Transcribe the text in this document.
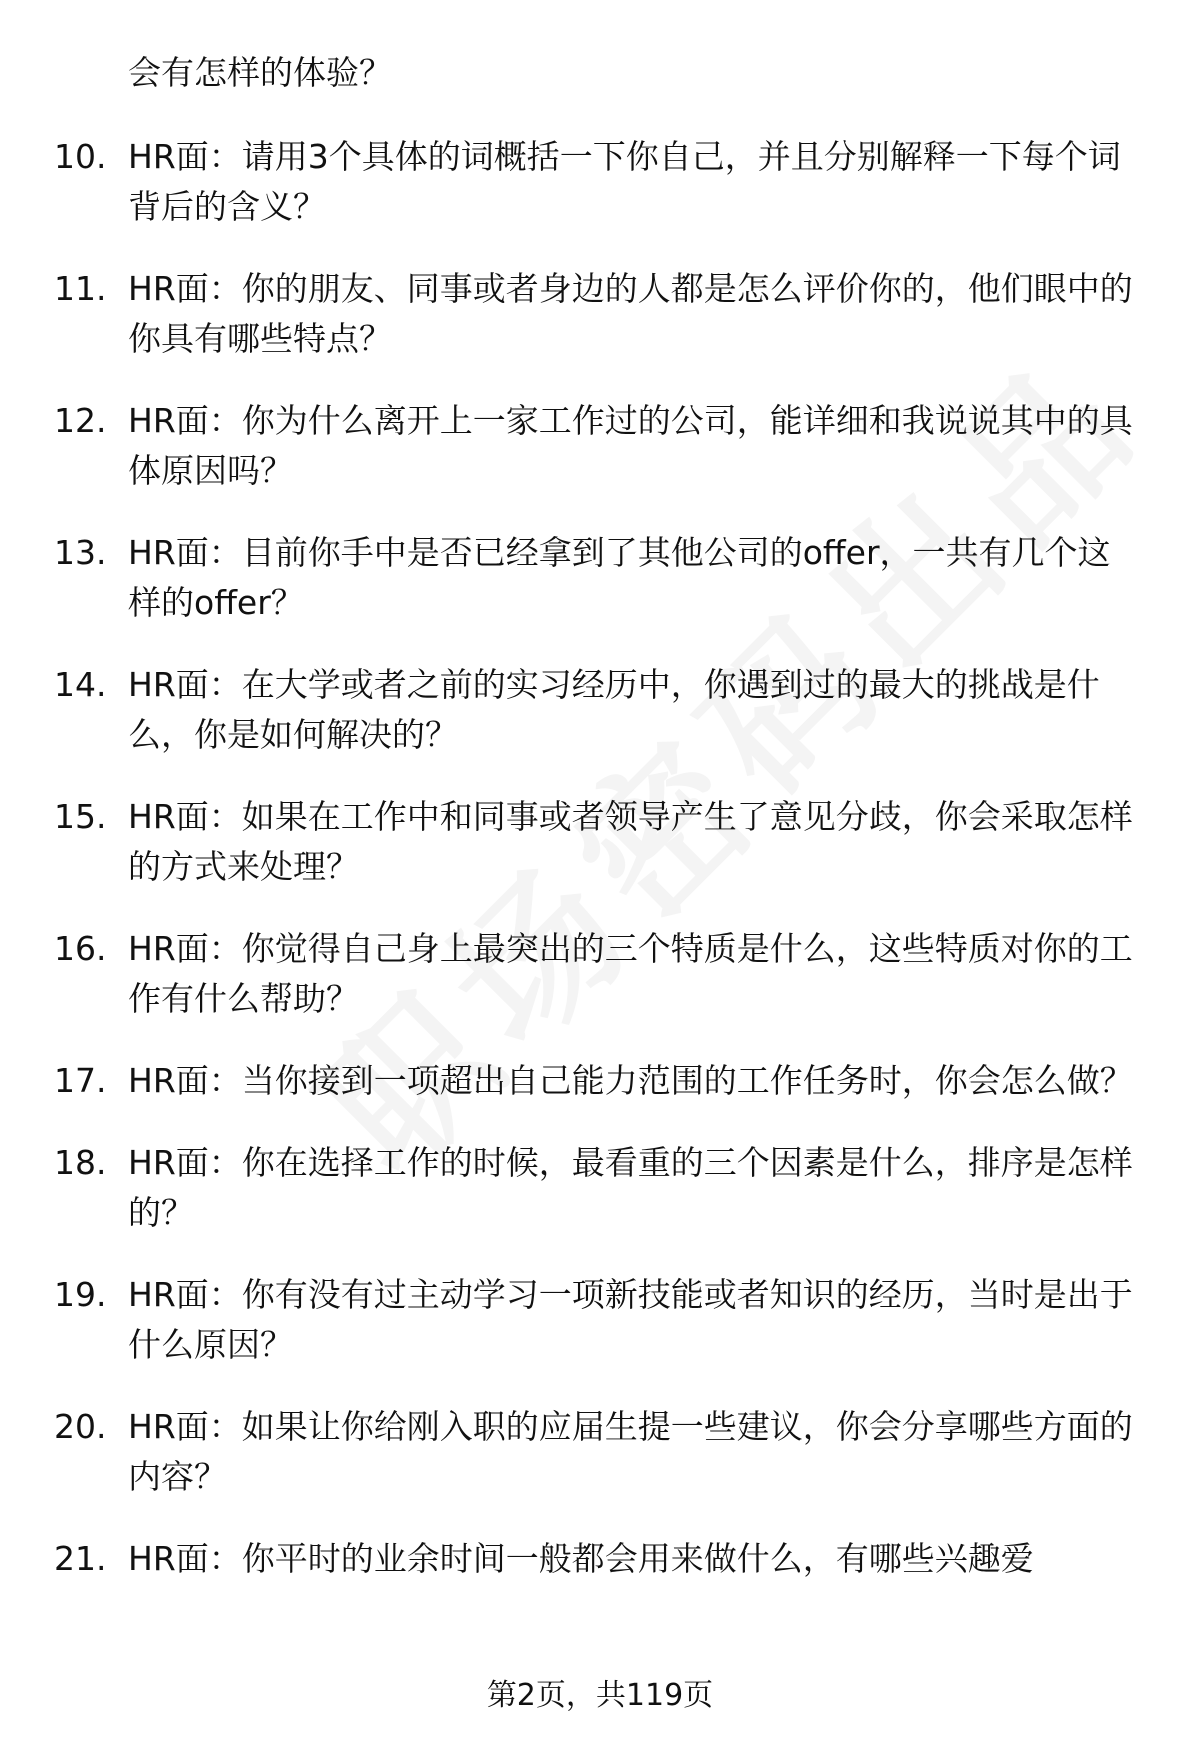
会有怎样的体验？
10. HR面：请用3个具体的词概括一下你自己，并且分别解释一下每个词背后的含义？
11. HR面：你的朋友、同事或者身边的人都是怎么评价你的，他们眼中的你具有哪些特点？
12. HR面：你为什么离开上一家工作过的公司，能详细和我说说其中的具体原因吗？
13. HR面：目前你手中是否已经拿到了其他公司的offer，一共有几个这样的offer？
14. HR面：在大学或者之前的实习经历中，你遇到过的最大的挑战是什么，你是如何解决的？
15. HR面：如果在工作中和同事或者领导产生了意见分歧，你会采取怎样的方式来处理？
16. HR面：你觉得自己身上最突出的三个特质是什么，这些特质对你的工作有什么帮助？
17. HR面：当你接到一项超出自己能力范围的工作任务时，你会怎么做？
18. HR面：你在选择工作的时候，最看重的三个因素是什么，排序是怎样的？
19. HR面：你有没有过主动学习一项新技能或者知识的经历，当时是出于什么原因？
20. HR面：如果让你给刚入职的应届生提一些建议，你会分享哪些方面的内容？
21. HR面：你平时的业余时间一般都会用来做什么，有哪些兴趣爱
第2页，共119页
